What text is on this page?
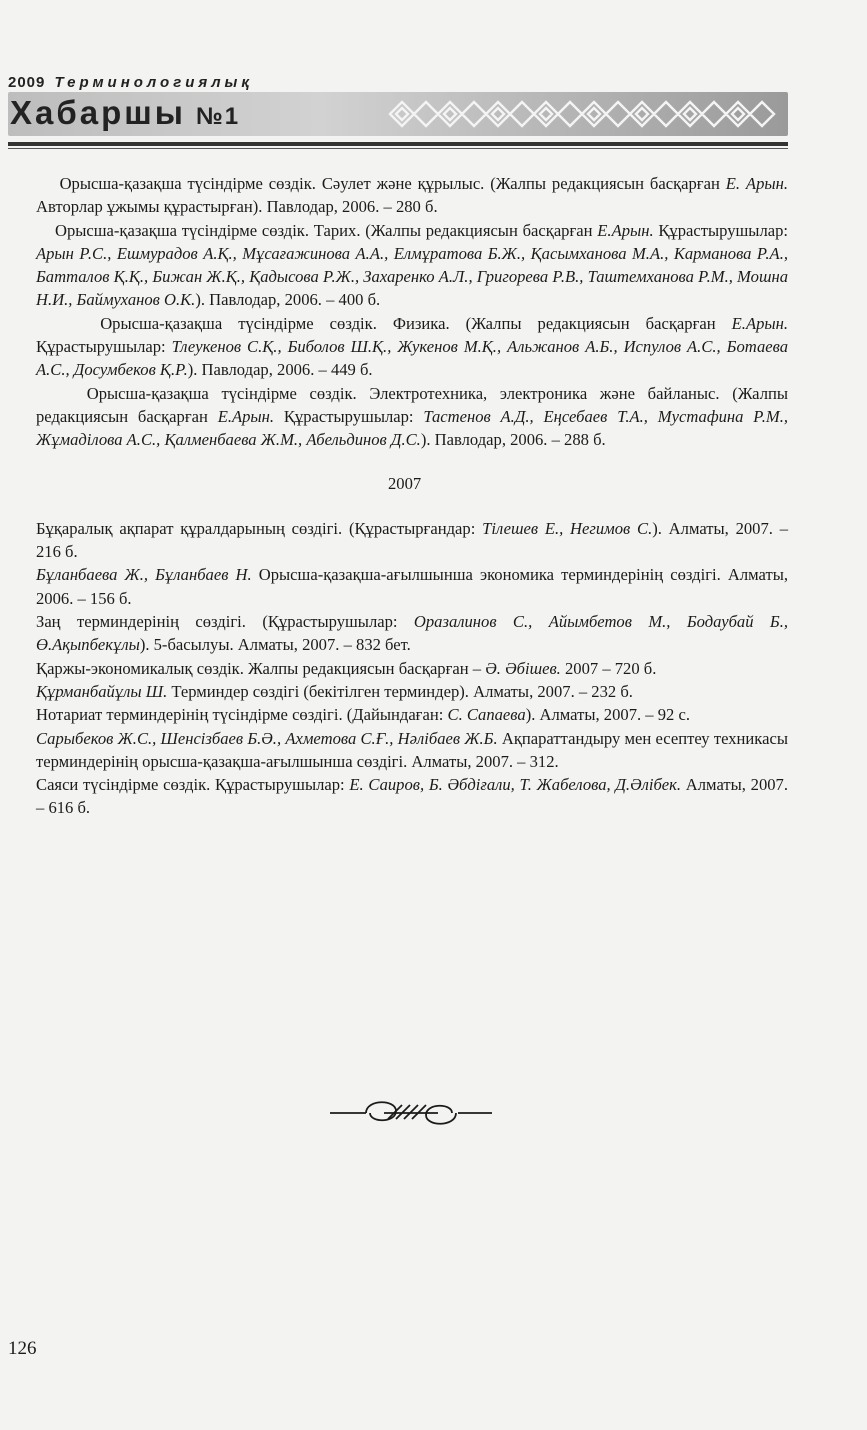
2009 Терминологиялық
Хабаршы №1

Орысша-қазақша түсіндірме сөздік. Сәулет және құрылыс. (Жалпы редакциясын басқарған Е. Арын. Авторлар ұжымы құрастырған). Павлодар, 2006. – 280 б.

Орысша-қазақша түсіндірме сөздік. Тарих. (Жалпы редакциясын басқарған Е.Арын. Құрастырушылар: Арын Р.С., Ешмурадов А.Қ., Мұсағажинова А.А., Елмұратова Б.Ж., Қасымханова М.А., Карманова Р.А., Батталов Қ.Қ., Бижан Ж.Қ., Қадысова Р.Ж., Захаренко А.Л., Григорева Р.В., Таштемханова Р.М., Мошна Н.И., Баймуханов О.К.). Павлодар, 2006. – 400 б.

Орысша-қазақша түсіндірме сөздік. Физика. (Жалпы редакциясын басқарған Е.Арын. Құрастырушылар: Тлеукенов С.Қ., Биболов Ш.Қ., Жукенов М.Қ., Альжанов А.Б., Испулов А.С., Ботаева А.С., Досумбеков Қ.Р.). Павлодар, 2006. – 449 б.

Орысша-қазақша түсіндірме сөздік. Электротехника, электроника және байланыс. (Жалпы редакциясын басқарған Е.Арын. Құрастырушылар: Тастенов А.Д., Еңсебаев Т.А., Мустафина Р.М., Жұмаділова А.С., Қалменбаева Ж.М., Абельдинов Д.С.). Павлодар, 2006. – 288 б.

2007

Бұқаралық ақпарат құралдарының сөздігі. (Құрастырғандар: Тілешев Е., Негимов С.). Алматы, 2007. – 216 б.

Бұланбаева Ж., Бұланбаев Н. Орысша-қазақша-ағылшынша экономика терминдерінің сөздігі. Алматы, 2006. – 156 б.

Заң терминдерінің сөздігі. (Құрастырушылар: Оразалинов С., Айымбетов М., Бодаубай Б., Ө.Ақыпбекұлы). 5-басылуы. Алматы, 2007. – 832 бет.

Қаржы-экономикалық сөздік. Жалпы редакциясын басқарған – Ә. Әбішев. 2007 – 720 б.

Құрманбайұлы Ш. Терминдер сөздігі (бекітілген терминдер). Алматы, 2007. – 232 б.

Нотариат терминдерінің түсіндірме сөздігі. (Дайындаған: С. Сапаева). Алматы, 2007. – 92 с.

Сарыбеков Ж.С., Шенсізбаев Б.Ә., Ахметова С.Ғ., Нәлібаев Ж.Б. Ақпараттандыру мен есептеу техникасы терминдерінің орысша-қазақша-ағылшынша сөздігі. Алматы, 2007. – 312.

Саяси түсіндірме сөздік. Құрастырушылар: Е. Саиров, Б. Әбдіғали, Т. Жабелова, Д.Әлібек. Алматы, 2007. – 616 б.

126
